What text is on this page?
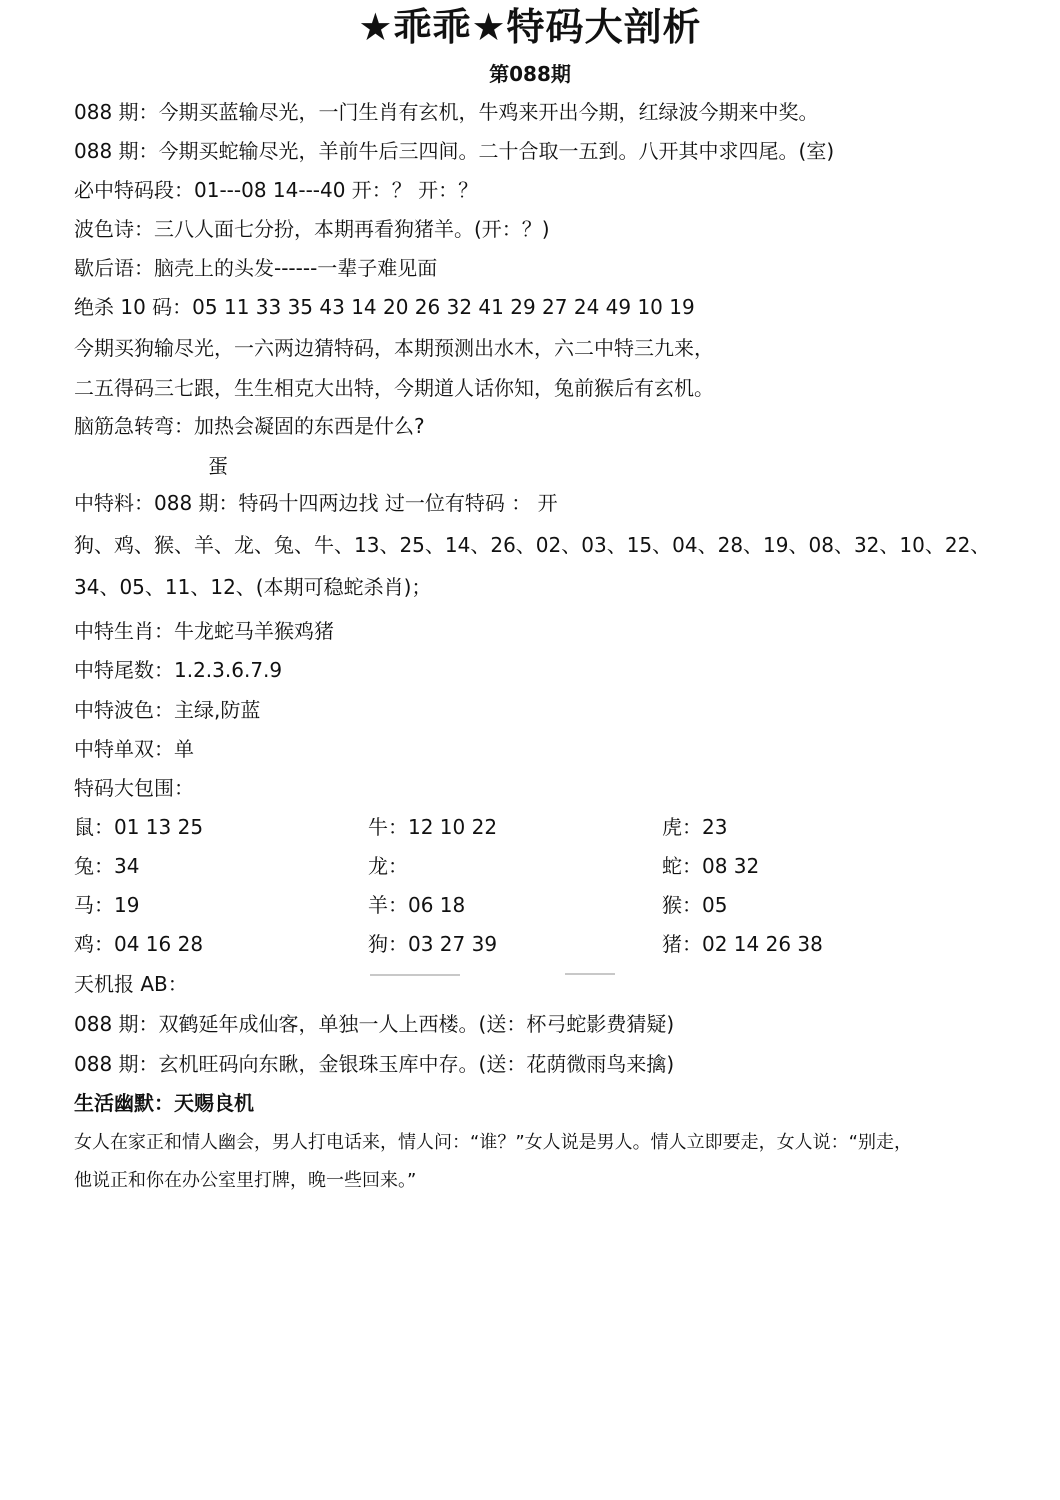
★乖乖★特码大剖析
第088期
088 期：今期买蓝输尽光，一门生肖有玄机，牛鸡来开出今期，红绿波今期来中奖。
088 期：今期买蛇输尽光，羊前牛后三四间。二十合取一五到。八开其中求四尾。(室)
必中特码段：01---08 14---40 开：？ 开：？
波色诗：三八人面七分扮，本期再看狗猪羊。(开：？)
歇后语：脑壳上的头发------一辈子难见面
绝杀 10 码：05 11 33 35 43 14 20 26 32 41 29 27 24 49 10 19
今期买狗输尽光，一六两边猜特码，本期预测出水木，六二中特三九来，
二五得码三七跟，生生相克大出特，今期道人话你知，兔前猴后有玄机。
脑筋急转弯：加热会凝固的东西是什么?
蛋
中特料：088 期：特码十四两边找 过一位有特码 ： 开
狗、鸡、猴、羊、龙、兔、牛、13、25、14、26、02、03、15、04、28、19、08、32、10、22、
34、05、11、12、(本期可稳蛇杀肖)；
中特生肖：牛龙蛇马羊猴鸡猪
中特尾数：1.2.3.6.7.9
中特波色：主绿,防蓝
中特单双：单
特码大包围：
鼠：01 13 25	牛：12 10 22	虎：23
兔：34	龙：	蛇：08 32
马：19	羊：06 18	猴：05
鸡：04 16 28	狗：03 27 39	猪：02 14 26 38
天机报 AB：
088 期：双鹤延年成仙客，单独一人上西楼。(送：杯弓蛇影费猜疑)
088 期：玄机旺码向东瞅，金银珠玉库中存。(送：花荫微雨鸟来擒)
生活幽默：天赐良机
女人在家正和情人幽会，男人打电话来，情人问：“谁？”女人说是男人。情人立即要走，女人说：“别走，
他说正和你在办公室里打牌，晚一些回来。”
